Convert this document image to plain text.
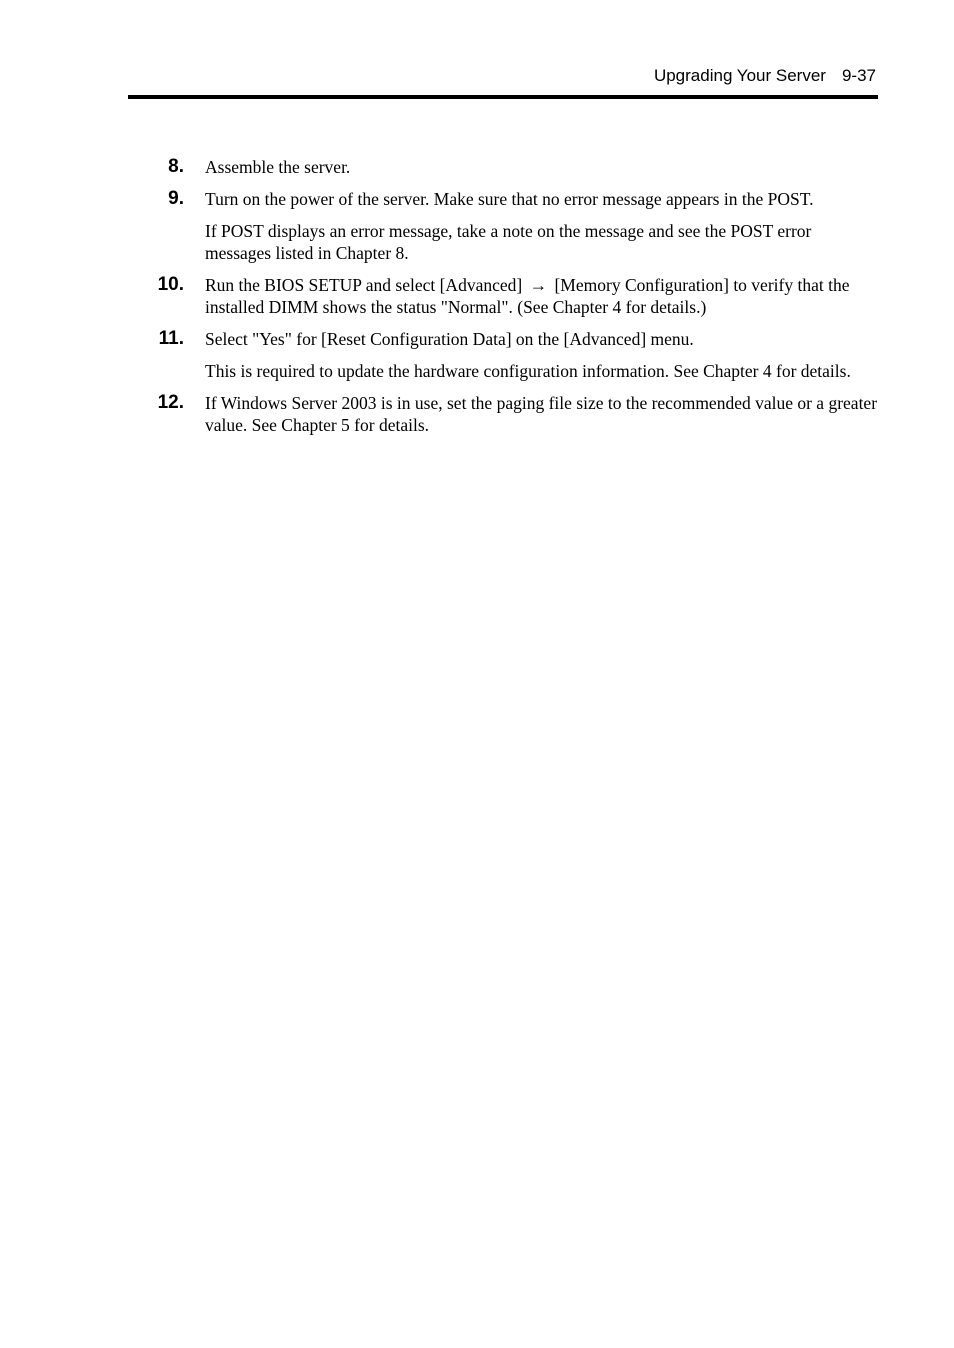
Upgrading Your Server 9-37
8. Assemble the server.

9. Turn on the power of the server. Make sure that no error message appears in the POST.

If POST displays an error message, take a note on the message and see the POST error messages listed in Chapter 8.

10. Run the BIOS SETUP and select [Advanced] → [Memory Configuration] to verify that the installed DIMM shows the status "Normal". (See Chapter 4 for details.)

11. Select "Yes" for [Reset Configuration Data] on the [Advanced] menu.

This is required to update the hardware configuration information. See Chapter 4 for details.

12. If Windows Server 2003 is in use, set the paging file size to the recommended value or a greater value. See Chapter 5 for details.
